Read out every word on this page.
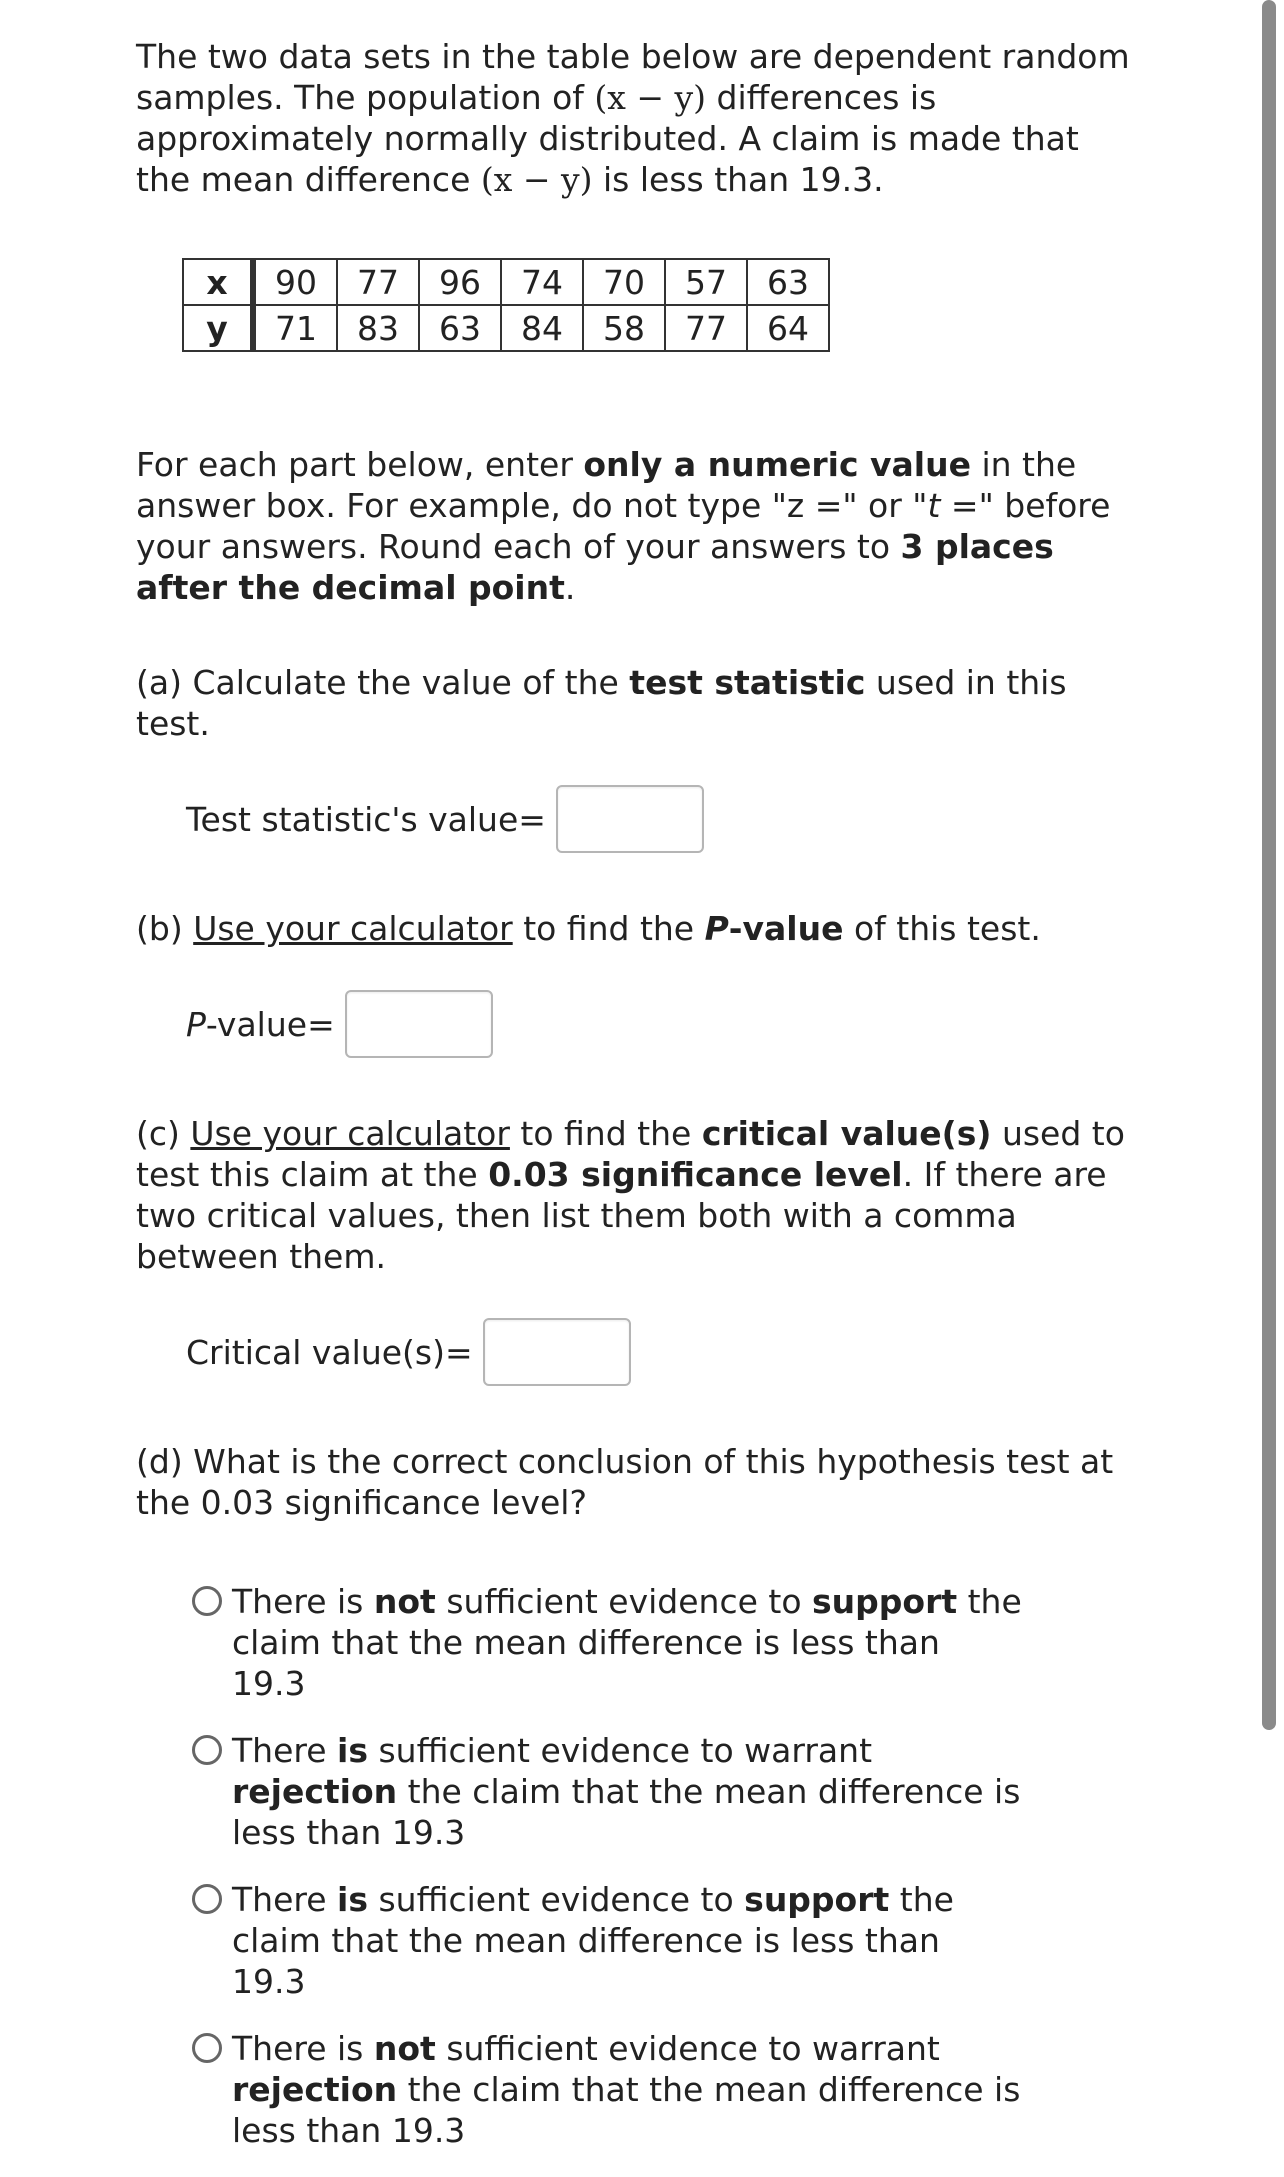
The two data sets in the table below are dependent random samples. The population of (x − y) differences is approximately normally distributed. A claim is made that the mean difference (x − y) is less than 19.3.

x	90	77	96	74	70	57	63
y	71	83	63	84	58	77	64

For each part below, enter only a numeric value in the answer box. For example, do not type "z =" or "t =" before your answers. Round each of your answers to 3 places after the decimal point.

(a) Calculate the value of the test statistic used in this test.

Test statistic's value =

(b) Use your calculator to find the P-value of this test.

P -value =

(c) Use your calculator to find the critical value(s) used to test this claim at the 0.03 significance level. If there are two critical values, then list them both with a comma between them.

Critical value(s) =

(d) What is the correct conclusion of this hypothesis test at the 0.03 significance level?

There is not sufficient evidence to support the claim that the mean difference is less than 19.3
There is sufficient evidence to warrant rejection the claim that the mean difference is less than 19.3
There is sufficient evidence to support the claim that the mean difference is less than 19.3
There is not sufficient evidence to warrant rejection the claim that the mean difference is less than 19.3
